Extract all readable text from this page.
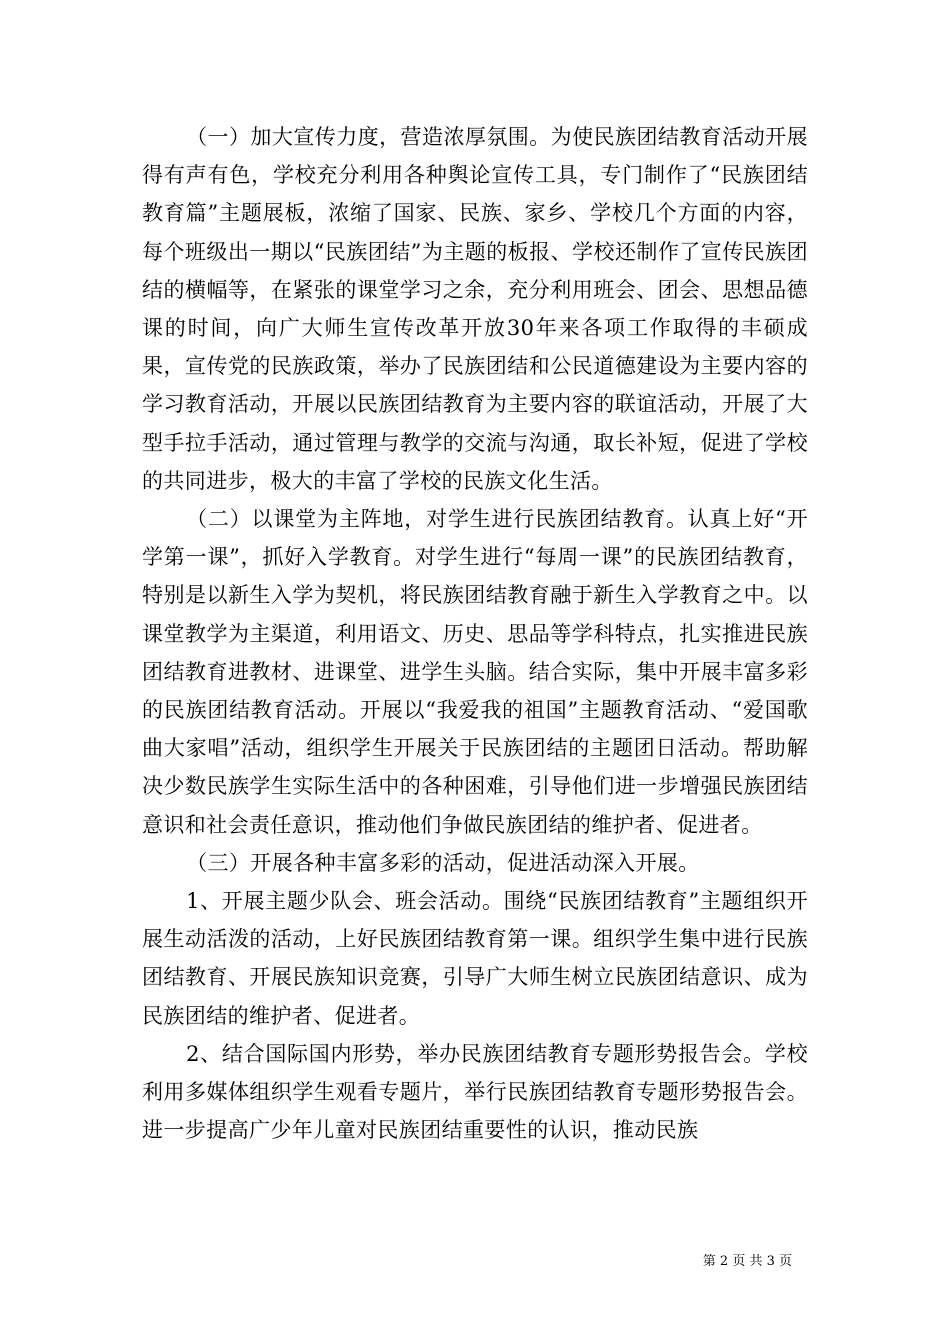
（一）加大宣传力度，营造浓厚氛围。为使民族团结教育活动开展得有声有色，学校充分利用各种舆论宣传工具，专门制作了“民族团结教育篇”主题展板，浓缩了国家、民族、家乡、学校几个方面的内容，每个班级出一期以“民族团结”为主题的板报、学校还制作了宣传民族团结的横幅等，在紧张的课堂学习之余，充分利用班会、团会、思想品德课的时间，向广大师生宣传改革开放30年来各项工作取得的丰硕成果，宣传党的民族政策，举办了民族团结和公民道德建设为主要内容的学习教育活动，开展以民族团结教育为主要内容的联谊活动，开展了大型手拉手活动，通过管理与教学的交流与沟通，取长补短，促进了学校的共同进步，极大的丰富了学校的民族文化生活。

（二）以课堂为主阵地，对学生进行民族团结教育。认真上好“开学第一课”，抓好入学教育。对学生进行“每周一课”的民族团结教育，特别是以新生入学为契机，将民族团结教育融于新生入学教育之中。以课堂教学为主渠道，利用语文、历史、思品等学科特点，扎实推进民族团结教育进教材、进课堂、进学生头脑。结合实际，集中开展丰富多彩的民族团结教育活动。开展以“我爱我的祖国”主题教育活动、“爱国歌曲大家唱”活动，组织学生开展关于民族团结的主题团日活动。帮助解决少数民族学生实际生活中的各种困难，引导他们进一步增强民族团结意识和社会责任意识，推动他们争做民族团结的维护者、促进者。

（三）开展各种丰富多彩的活动，促进活动深入开展。

1、开展主题少队会、班会活动。围绕“民族团结教育”主题组织开展生动活泼的活动，上好民族团结教育第一课。组织学生集中进行民族团结教育、开展民族知识竞赛，引导广大师生树立民族团结意识、成为民族团结的维护者、促进者。

2、结合国际国内形势，举办民族团结教育专题形势报告会。学校利用多媒体组织学生观看专题片，举行民族团结教育专题形势报告会。进一步提高广少年儿童对民族团结重要性的认识，推动民族

第 2 页 共 3 页
